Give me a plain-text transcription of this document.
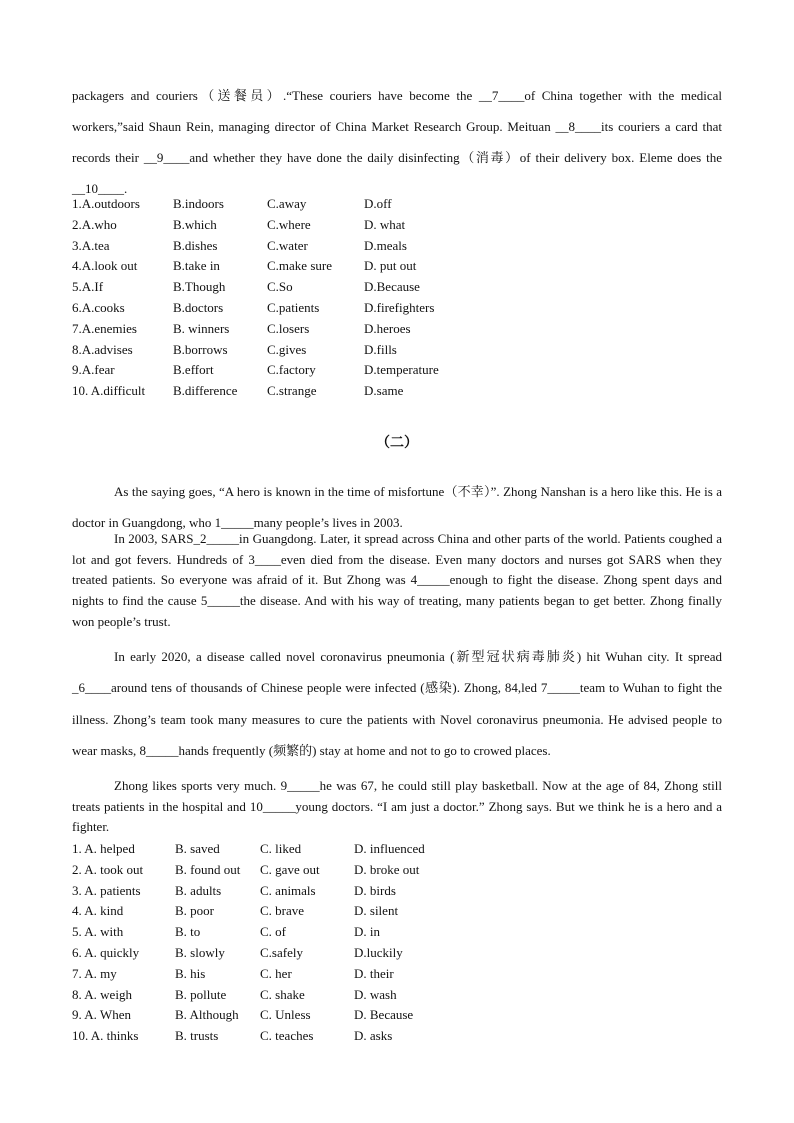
packagers and couriers（送餐员）.“These couriers have become the __7____of China together with the medical workers,”said Shaun Rein, managing director of China Market Research Group. Meituan __8____its couriers a card that records their __9____and whether they have done the daily disinfecting（消毒）of their delivery box. Eleme does the __10____.
1.A.outdoors	B.indoors	C.away	D.off
2.A.who	B.which	C.where	D. what
3.A.tea	B.dishes	C.water	D.meals
4.A.look out	B.take in	C.make sure D. put out
5.A.If	B.Though	C.So	D.Because
6.A.cooks	B.doctors	C.patients	D.firefighters
7.A.enemies	B. winners	C.losers	D.heroes
8.A.advises	B.borrows	C.gives	D.fills
9.A.fear	B.effort	C.factory	D.temperature
10. A.difficult B.difference C.strange	D.same
（二）
As the saying goes, “A hero is known in the time of misfortune（不幸）”. Zhong Nanshan is a hero like this. He is a doctor in Guangdong, who 1_____many people’s lives in 2003.
In 2003, SARS_2_____in Guangdong. Later, it spread across China and other parts of the world. Patients coughed a lot and got fevers. Hundreds of 3____even died from the disease. Even many doctors and nurses got SARS when they treated patients. So everyone was afraid of it. But Zhong was 4_____enough to fight the disease. Zhong spent days and nights to find the cause 5_____the disease. And with his way of treating, many patients began to get better. Zhong finally won people’s trust.
In early 2020, a disease called novel coronavirus pneumonia (新型冠状病毒肺炎) hit Wuhan city. It spread _6____around tens of thousands of Chinese people were infected (感染). Zhong, 84,led 7_____team to Wuhan to fight the illness. Zhong’s team took many measures to cure the patients with Novel coronavirus pneumonia. He advised people to wear masks, 8_____hands frequently (频繁的) stay at home and not to go to crowed places.
Zhong likes sports very much. 9_____he was 67, he could still play basketball. Now at the age of 84, Zhong still treats patients in the hospital and 10_____young doctors. “I am just a doctor.” Zhong says. But we think he is a hero and a fighter.
1. A. helped	B. saved	C. liked	D. influenced
2. A. took out B. found out C. gave out	D. broke out
3. A. patients	B. adults	C. animals	D. birds
4. A. kind	B. poor	C. brave	D. silent
5. A. with	B. to	C. of	D. in
6. A. quickly	B. slowly	C.safely	D.luckily
7. A. my	B. his	C. her	D. their
8. A. weigh	B. pollute	C. shake	D. wash
9. A. When	B. Although C. Unless	D. Because
10. A. thinks	B. trusts	C. teaches	D. asks
